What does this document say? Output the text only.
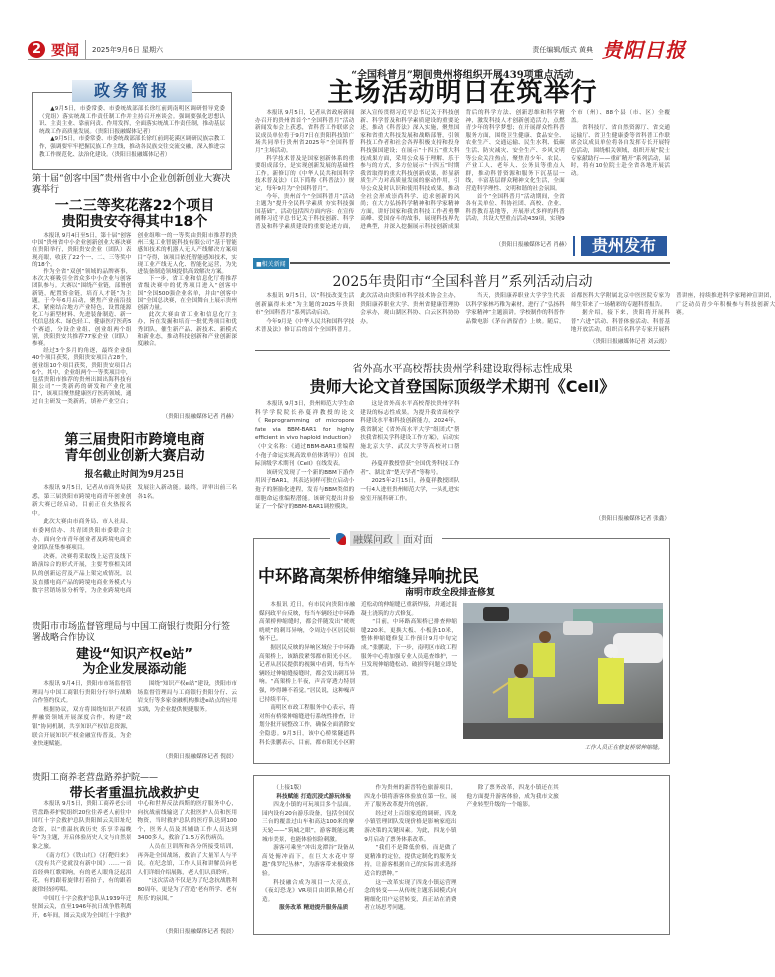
2 要闻	2025年9月6日 星期六	责任编辑/版式 黄典 贵阳日报

▲9月5日，市委常委、市委统战部部长徐红前到南明区调研督导党委（党组）落实统战工作责任制工作并主持召开座谈会。强调要强化思想认识、主责主业、靠前问责、作用发挥，全面落实统战工作责任制，推动基层统战工作高质量发展。（贵阳日报融媒体记者）

▲9月5日，市委常委、市委统战部部长徐红前到花溪区调研民族宗教工作，强调要牢牢把握民族工作主线，推动各民族交往交流交融，深入推进宗教工作规范化、法治化建设。（贵阳日报融媒体记者）

政务简报
第十届“创客中国”贵州省中小企业创新创业大赛决赛举行
一二三等奖花落22个项目
贵阳贵安夺得其中18个

本报讯 9月4日至5日，第十届“创客中国”贵州省中小企业创新创业大赛决赛在贵阳举行，贵阳贵安企业（团队）表现亮眼，收获了22个一、二、三等奖中的18个。

作为全省“双创”领域的品牌赛事，本次大赛吸引全省众多中小企业与创客团队参与。大赛以“围绕产业链，部署创新链，配置资金链，培育人才链”为主题，于今年6月启动，聚焦产业前沿技术，紧密结合地方产业特色，设置能源化工与新型材料、先进装备制造、新一代信息技术、绿色轻工、健康医疗医药5个赛道，分设企业组、创业组两个组别，贵阳贵安共推荐77家企业（团队）参赛。

经过3个多月的角逐，最终企业组40个项目获奖，贵阳贵安项目占28个，创业组10个项目获奖，贵阳贵安项目占6个。其中，企业组两个一等奖项目中，包括贵阳市推荐的贵州出圆出海科技有限公司“一类新药的研发和产业化项目”，该项目聚焦健康医疗医药领域，通过自主研发一类新药，填补产业空白；创业组唯一的一等奖由贵阳市推荐的贵州三鬼工业智能科技有限公司“基于智能感知技术的机器人无人产线解决方案项目”夺得，该项目依托智能感知技术，实现工业产线无人化、智能化运营，为先进装备制造领域提供高效解决方案。

下一步，省工业和信息化厅将推荐省级决赛中的优秀项目进入“创客中国”全国500强企业名单，并由“创客中国”全国总决赛，在全国舞台上展示贵州创新力量。

此次大赛由省工业和信息化厅主办，旨在发掘和培育一批优秀项目和优秀团队，催生新产品、新技术、新模式和新业态，推动科技创新和产业创新深度融合。

（贵阳日报融媒体记者 肖赫）
第三届贵阳市跨境电商
青年创业创新大赛启动
报名截止时间为9月25日

本报讯 9月5日，记者从市商务局获悉，第三届贵阳市跨境电商青年创业创新大赛已经启动，目前正在火热报名中。

此次大赛由市商务局、市人社局、市委网信办、共青团贵阳市委联合主办，面向全市青年创业者及跨境电商企业团队征集参赛项目。

决赛。决赛将采取线上运营及线下路演综合的形式开展，主要考察相关团队的创新运营及产品上架完成情况，以及直播电商产品的跨境电商业务模式与数字营销场景分析等，为企业跨境电商发展注入新动能。最终，评审出前三名各1名。

贵阳市市场监督管理局与中国工商银行贵阳分行签署战略合作协议
建设“知识产权e站”
为企业发展添动能

本报讯 9月4日，贵阳市市场监督管理局与中国工商银行贵阳分行举行战略合作签约仪式。

根据协议，双方将围绕知识产权质押融资领域开展深度合作，构建“政银”协同机制，共享知识产权信息资源，联合开展知识产权金融宣传普及，为企业快速赋能。

围绕“知识产权e站”建设，贵阳市市场监督管理局与工商银行贵阳分行、云岩支行等多家金融机构推进e站点的应用实践，为企业提供便捷服务。

（贵阳日报融媒体记者 倪晨）
贵阳工商养老营盘路养护院——
带长者重温抗战救护史

本报讯 9月5日，贵阳工商养老公司营盘路养护院组织20位住养老人前往中国红十字会救护总队贵阳图云关旧址纪念馆，以“重温抗战历史 乐享幸福晚年”为主题，开启体验历史人文与自然景象之旅。

《南方红》《铁山红》《打靶归来》《没有共产党就没有新中国》……一首首经典红歌唱响，有的老人眼角泛起泪花，有的跟着旋律打着拍子，有的跟着旋律轻轻哼唱。

中国红十字会救护总队从1939年迁驻图云关，直至1946年抗日战争胜利离开，6年间，图云关成为全国红十字救护中心和世界反法西斯的医疗服务中心，向抗战前线输送了大批医护人员和医用物资，当时救护总队的医疗队达到100个，医务人员及其辅助工作人员达到3400多人，救治了1.5万名伤病员。

人员在卫训所和各分所接受培训，再奔赴全国战场，救治了大量军人与平民。在纪念馆，工作人员和讲解员向老人们详细介绍展陈，老人们认真聆听。

“这次活动不仅是为了纪念抗战胜利80周年，更是为了营造‘老有所学、老有所乐’的氛围。”

（贵阳日报融媒体记者 倪晨）
“全国科普月”期间贵州将组织开展439项重点活动
主场活动明日在筑举行

本报讯 9月5日，记者从省政府新闻办召开的贵州省首个“全国科普月”活动新闻发布会上获悉，省科普工作联席会议成员单位将于9月7日在贵阳科技馆广场共同举行贵州省2025年“全国科普月”主场活动。

科学技术普及是国家创新体系的重要组成部分，是实现创新发展的基础性工作。新修订的《中华人民共和国科学技术普及法》（以下简称《科普法》）规定，每年9月为“全国科普月”。

今年，贵州首个“全国科普月”活动主题为“提升全民科学素质 夯实科技强国基础”。活动包括四方面内容：在宣传阐释习近平总书记关于科技创新、科学普及和科学素质建设的重要论述方面，深入宣传贯彻习近平总书记关于科技创新、科学普及和科学素质建设的重要论述，推动《科普法》深入实施，聚焦国家和省重大科技发展和战略部署，引领科技工作者和社会各界积极支持和投身科技强国建设；在展示“十四五”重大科技成果方面，采用公众易于理解、乐于参与的方式，多方位展示“十四五”时期我省取得的重大科技创新成果，彰显新质生产力对高质量发展的驱动作用，引导公众及时认识和使用科技成果，推动全社会形成崇尚科学、追求创新的风尚；在大力弘扬科学精神和科学家精神方面，讲好国家和我省科技工作者勇攀高峰、爱国奋斗的故事，展现科技界先进典型，并深入挖掘展示科技创新成果背后的科学方法、创新思维和科学精神，激发科技人才创新创造活力，点燃青少年的科学梦想；在开展群众性科普服务方面，围绕卫生健康、食品安全、农业生产、交通运输、民生水利、低碳生活、防灾减灾、安全生产、乡风文明等公众关注热点，聚焦青少年、农民、产业工人、老年人、公务员等重点人群，推动科普资源和服务下沉基层一线，丰富基层群众精神文化生活，全面营造科学理性、文明和谐的社会氛围。

首个“全国科普月”活动期间，全省各有关单位、科协社团、高校、企业、科普教育基地等，开展形式多样的科普活动，共设大型重点活动439项，实现9个市（州）、88个县（市、区）全覆盖。

省科技厅、省自然资源厅、省交通运输厅、省卫生健康委等省科普工作联席会议成员单位将各自发挥专长开展特色活动，围绕相关领域，组织开展“院士专家献助行——重矿精开”系列活动，届时，将有10位院士赴全省各地开展活动。

（贵阳日报融媒体记者 肖赫）	贵州发布
■相关新闻
2025年贵阳市“全国科普月”系列活动启动

本报讯 9月5日，以“科技改变生活 创新赢得未来”为主题的2025年贵阳市“全国科普月”系列活动启动。

今年9月是《中华人民共和国科学技术普及法》修订后的首个全国科普月。此次活动由贵阳市科学技术协会主办，贵阳康养职业大学、贵州省健康管理协会承办，观山湖区科协、白云区科协协办。

当天，贵阳康养职业大学学生代表以科学家林巧稚为素材，进行了“弘扬科学家精神”主题演讲。学校制作的科普作品微电影《茅台酒留香》上映。随后，首都医科大学附属北京中医医院专家为师生带来了一场精彩的专题科普报告。

据介绍，接下来，贵阳将开展科普“六进”活动、科普体验活动、科普基地开放活动，组织百名科学专家开展科普讲座，持续推进科学家精神宣讲团，广泛动员青少年积极参与科技创新大赛。

（贵阳日报融媒体记者 刘云霞）
省外高水平高校帮扶贵州学科建设取得标志性成果
贵师大论文首登国际顶级学术期刊《Cell》

本报讯 9月3日，贵州师范大学生命科学学院院长孙蔓祥教授的论文《Reprogramming of micropore fate via BBM-BAR1 for highly efficient in vivo haploid induction》（中文名称：《通过BBM-BAR1重编程小孢子命运实现高效单倍体诱导》）在国际顶级学术期刊《Cell》在线发表。

该研究发现了一个新的BBM下游作用因子BAR1，其表达同样可独立启动小孢子的胚胎化进程，发育与BBM类似的细胞命运重编程潜能。该研究提出并验证了一个保守的BBM-BAR1调控模块。

这是省外高水平高校帮扶贵州学科建设的标志性成果。为提升我省高校学科建设水平和科技创新能力，2024年，我省制定《省外高水平大学“组团式”帮扶我省相关学科建设工作方案》，启动实施北京大学、武汉大学等高校对口帮扶。

孙蔓祥教授曾获“全国优秀科技工作者”、湖北省“楚天学者”等称号。

2025年2月15日，孙蔓祥教授团队一行4人进驻贵州师范大学，一头扎进实验室开展科研工作。

（贵阳日报融媒体记者 张鑫）
融媒问政｜面对面
中环路高架桥伸缩缝异响扰民
南明市政全段排查修复

本报讯 近日，有市民向贵阳市融媒问政平台反映，每当车辆经过中环路高架桥伸缩缝时，都会伴随发出“咣咣咣咣”的刺耳异响，令周边小区居民烦恼不已。

据居民反映的异响区域位于中环路高架桥上，该路段紧邻都市阳光小区。记者从居民提供的视频中看到，每当车辆经过伸缩缝接缝时，都会发出刺耳异响。“高架桥上半夜，声音穿透力特别强，吵得睡不着觉。”居民说，这种噪声已持续半年。

南明区市政工程服务中心表示，将对所有桥梁伸缩缝进行系统性排查，计划分批开展整改工作，确保全面消除安全隐患。9月3日，该中心桥梁隧道科科长张鹏表示，目前，都市阳光小区附近松动的伸缩缝已重新焊接，并通过混凝土浇筑的方式修复。

“目前，中环路高架桥已排查伸缩缝220米，更换大板、小板条10米，整体伸缩缝修复工作预计9月中旬完成。”张鹏说，下一步，南明区市政工程服务中心将加强专业人员巡查维护，一旦发现伸缩缝松动、破损等问题立即处置。

工作人员正在修复桥梁伸缩缝。

（上接1版）

科技赋能 打造沉浸式游玩体验

四龙小镇的可玩项目多个层面。园内设有20台游乐设备，包括全国仅三台的覆盖过山车和高达100米的摩天轮——“筑城之眼”，游客既能远眺城市美景，也能体验惊险刺激。

游客可乘坐“冲出龙潭谷”设备从高处俯冲而下，在巨大水花中穿越“侏罗纪丛林”，为游客带来极致体验。

科技融合成为项目一大亮点，《夜幻恐龙》VR项目由团队精心打造。

服务改革 精进提升服务品质

作为贵州的新晋特色旅游项目，四龙小镇将游客体验放在第一位，展开了服务改革提升的创新。

经过对上百组家庭的调研，四龙小镇管理团队发现价格是影响家庭出游决策的关键因素。为此，四龙小镇9月启动了票务体系改革。

“我们不是降低价格，而是做了更精准的定位，提供定制化的服务支持，让游客根据自己的实际需求选择适合的票种。”

这一改革实现了四龙小镇运营理念的转变——从传统主题乐园模式向精细化用户运营转变，真正站在消费者立场思考问题。

除了票务改革，四龙小镇还在其他方面提升游客体验，成为我市文旅产业转型升级的一个缩影。
